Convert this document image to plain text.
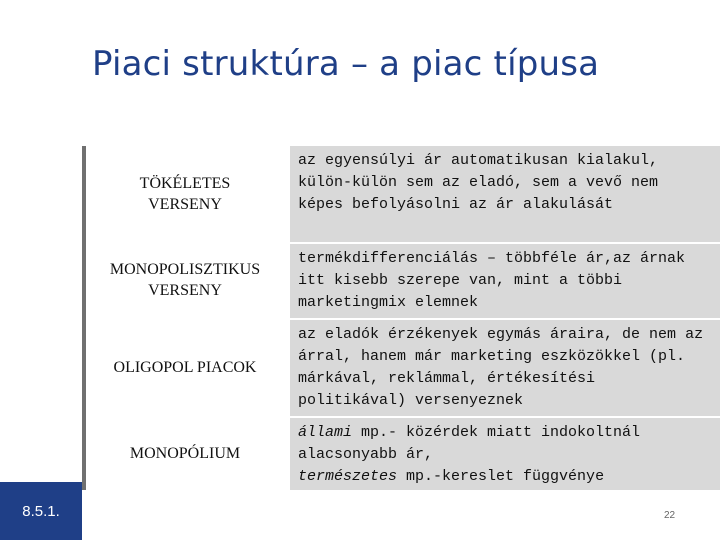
Piaci struktúra – a piac típusa
TÖKÉLETES
VERSENY
az egyensúlyi ár automatikusan kialakul, külön-külön sem az eladó, sem a vevő nem képes befolyásolni az ár alakulását
MONOPOLISZTIKUS
VERSENY
termékdifferenciálás – többféle ár,az árnak itt kisebb szerepe van, mint a többi marketingmix elemnek
OLIGOPOL PIACOK
az eladók érzékenyek egymás áraira, de nem az árral, hanem már marketing eszközökkel (pl. márkával, reklámmal, értékesítési politikával) versenyeznek
MONOPÓLIUM
állami mp.- közérdek miatt indokoltnál alacsonyabb ár,
természetes mp.-kereslet függvénye
8.5.1.	22
